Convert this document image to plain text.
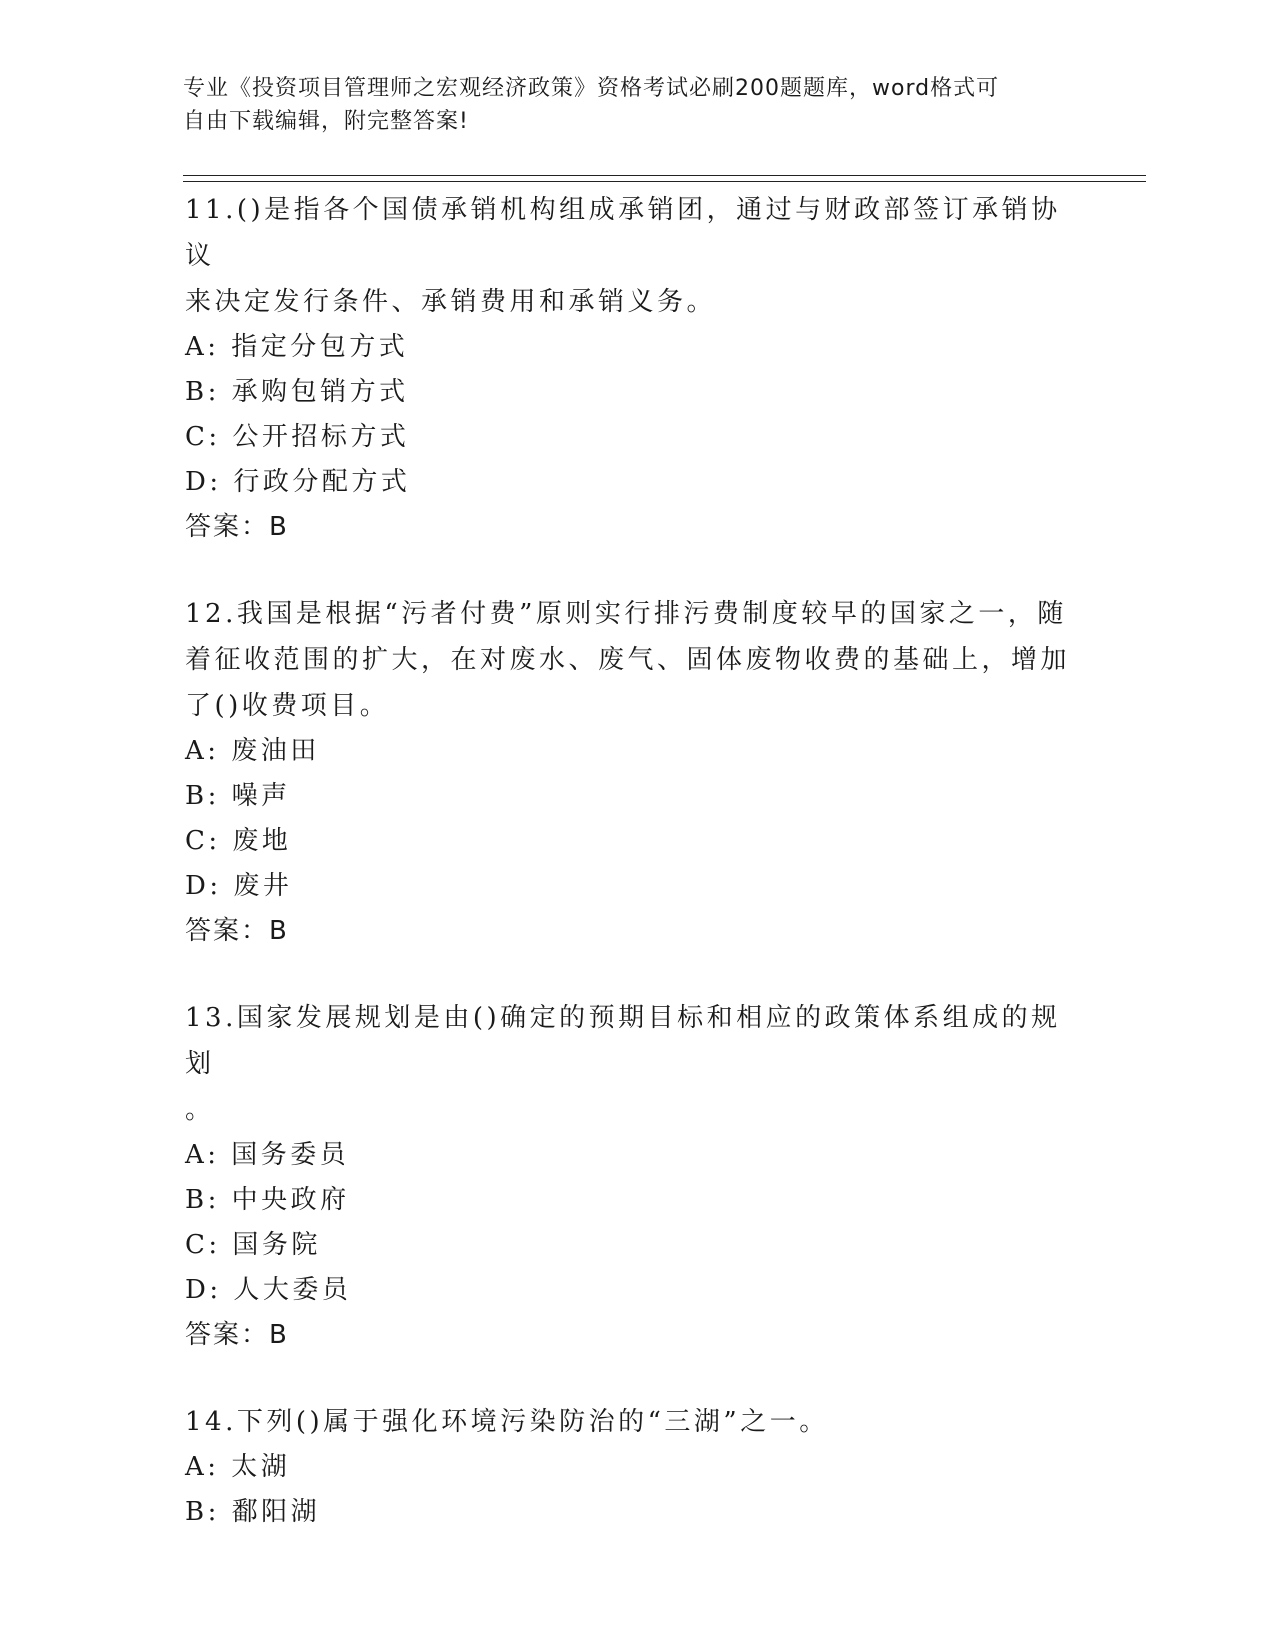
专业《投资项目管理师之宏观经济政策》资格考试必刷200题题库，word格式可
自由下载编辑，附完整答案!
11.()是指各个国债承销机构组成承销团，通过与财政部签订承销协议
来决定发行条件、承销费用和承销义务。
A: 指定分包方式
B: 承购包销方式
C: 公开招标方式
D: 行政分配方式
答案：B
12.我国是根据“污者付费”原则实行排污费制度较早的国家之一，随
着征收范围的扩大，在对废水、废气、固体废物收费的基础上，增加
了()收费项目。
A: 废油田
B: 噪声
C: 废地
D: 废井
答案：B
13.国家发展规划是由()确定的预期目标和相应的政策体系组成的规划
。
A: 国务委员
B: 中央政府
C: 国务院
D: 人大委员
答案：B
14.下列()属于强化环境污染防治的“三湖”之一。
A: 太湖
B: 鄱阳湖
